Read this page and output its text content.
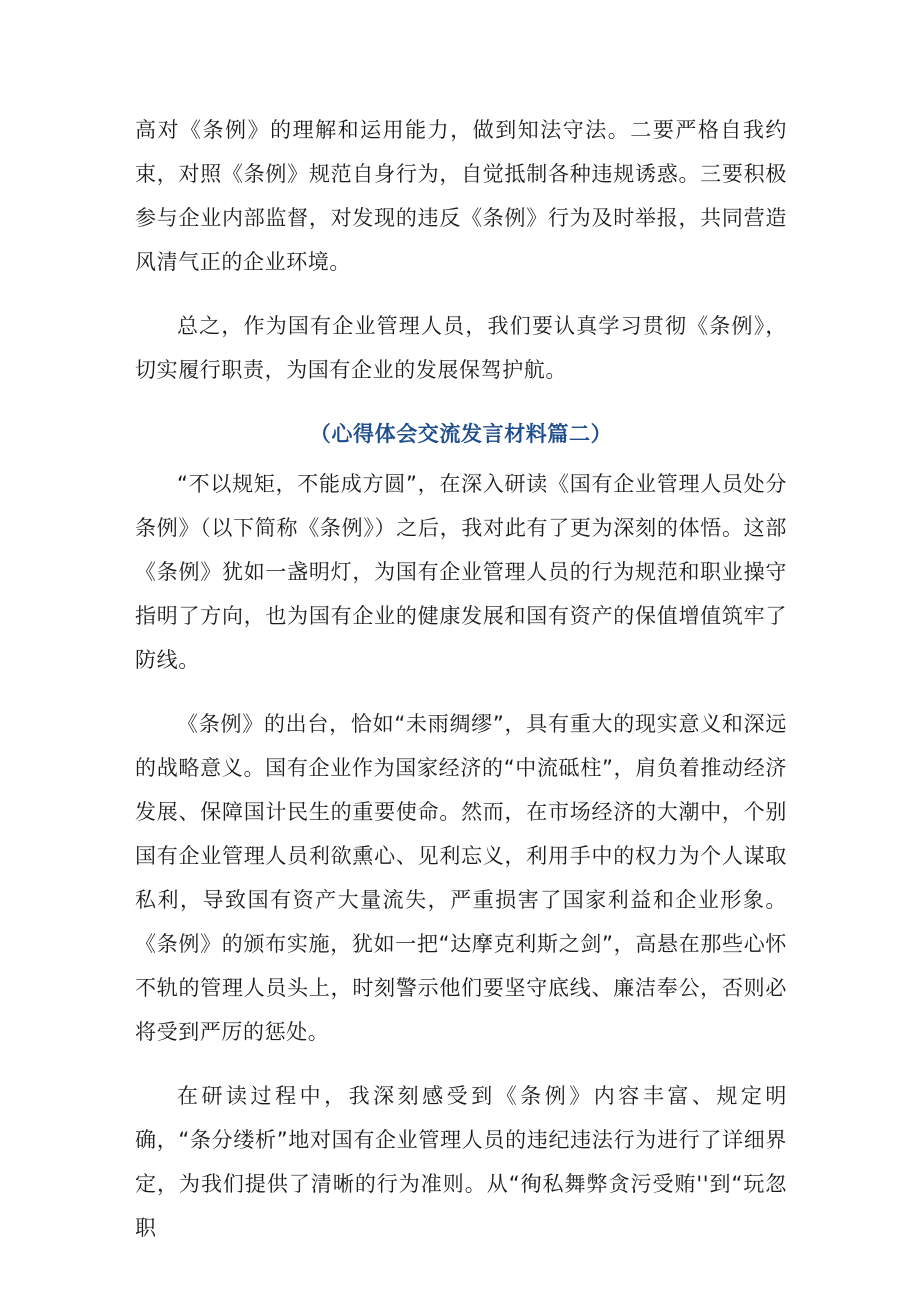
高对《条例》的理解和运用能力，做到知法守法。二要严格自我约束，对照《条例》规范自身行为，自觉抵制各种违规诱惑。三要积极参与企业内部监督，对发现的违反《条例》行为及时举报，共同营造风清气正的企业环境。

总之，作为国有企业管理人员，我们要认真学习贯彻《条例》，切实履行职责，为国有企业的发展保驾护航。

（心得体会交流发言材料篇二）

“不以规矩，不能成方圆”，在深入研读《国有企业管理人员处分条例》（以下简称《条例》）之后，我对此有了更为深刻的体悟。这部《条例》犹如一盏明灯，为国有企业管理人员的行为规范和职业操守指明了方向，也为国有企业的健康发展和国有资产的保值增值筑牢了防线。

《条例》的出台，恰如“未雨绸缪”，具有重大的现实意义和深远的战略意义。国有企业作为国家经济的“中流砥柱”，肩负着推动经济发展、保障国计民生的重要使命。然而，在市场经济的大潮中，个别国有企业管理人员利欲熏心、见利忘义，利用手中的权力为个人谋取私利，导致国有资产大量流失，严重损害了国家利益和企业形象。《条例》的颁布实施，犹如一把“达摩克利斯之剑”，高悬在那些心怀不轨的管理人员头上，时刻警示他们要坚守底线、廉洁奉公，否则必将受到严厉的惩处。

在研读过程中，我深刻感受到《条例》内容丰富、规定明确，“条分缕析”地对国有企业管理人员的违纪违法行为进行了详细界定，为我们提供了清晰的行为准则。从“徇私舞弊贪污受贿''到“玩忽职
